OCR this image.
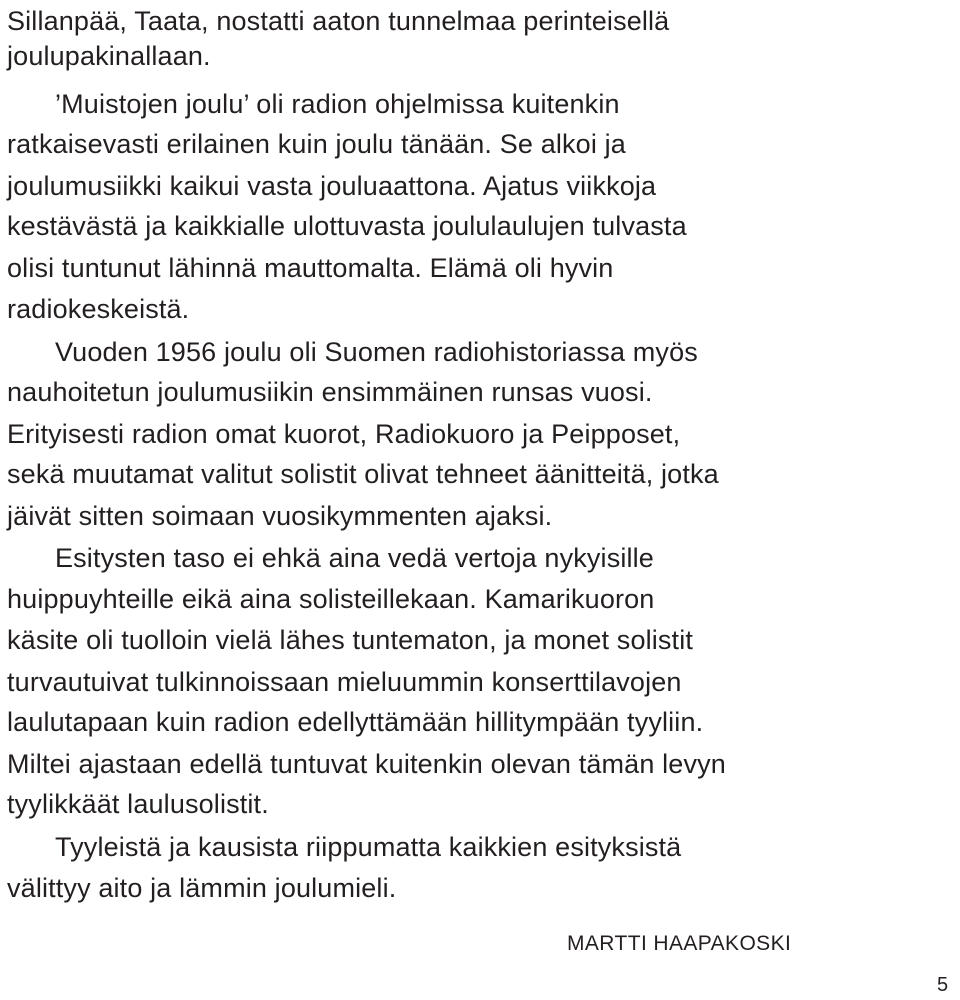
Sillanpää, Taata, nostatti aaton tunnelmaa perinteisellä
joulupakinallaan.
’Muistojen joulu’ oli radion ohjelmissa kuitenkin
ratkaisevasti erilainen kuin joulu tänään. Se alkoi ja
joulumusiikki kaikui vasta jouluaattona. Ajatus viikkoja
kestävästä ja kaikkialle ulottuvasta joululaulujen tulvasta
olisi tuntunut lähinnä mauttomalta. Elämä oli hyvin
radiokeskeistä.
Vuoden 1956 joulu oli Suomen radiohistoriassa myös
nauhoitetun joulumusiikin ensimmäinen runsas vuosi.
Erityisesti radion omat kuorot, Radiokuoro ja Peipposet,
sekä muutamat valitut solistit olivat tehneet äänitteitä, jotka
jäivät sitten soimaan vuosikymmenten ajaksi.
Esitysten taso ei ehkä aina vedä vertoja nykyisille
huippuyhteille eikä aina solisteillekaan. Kamarikuoron
käsite oli tuolloin vielä lähes tuntematon, ja monet solistit
turvautuivat tulkinnoissaan mieluummin konserttilavojen
laulutapaan kuin radion edellyttämään hillitympään tyyliin.
Miltei ajastaan edellä tuntuvat kuitenkin olevan tämän levyn
tyylikkäät laulusolistit.
Tyyleistä ja kausista riippumatta kaikkien esityksistä
välittyy aito ja lämmin joulumieli.
MARTTI HAAPAKOSKI
5
